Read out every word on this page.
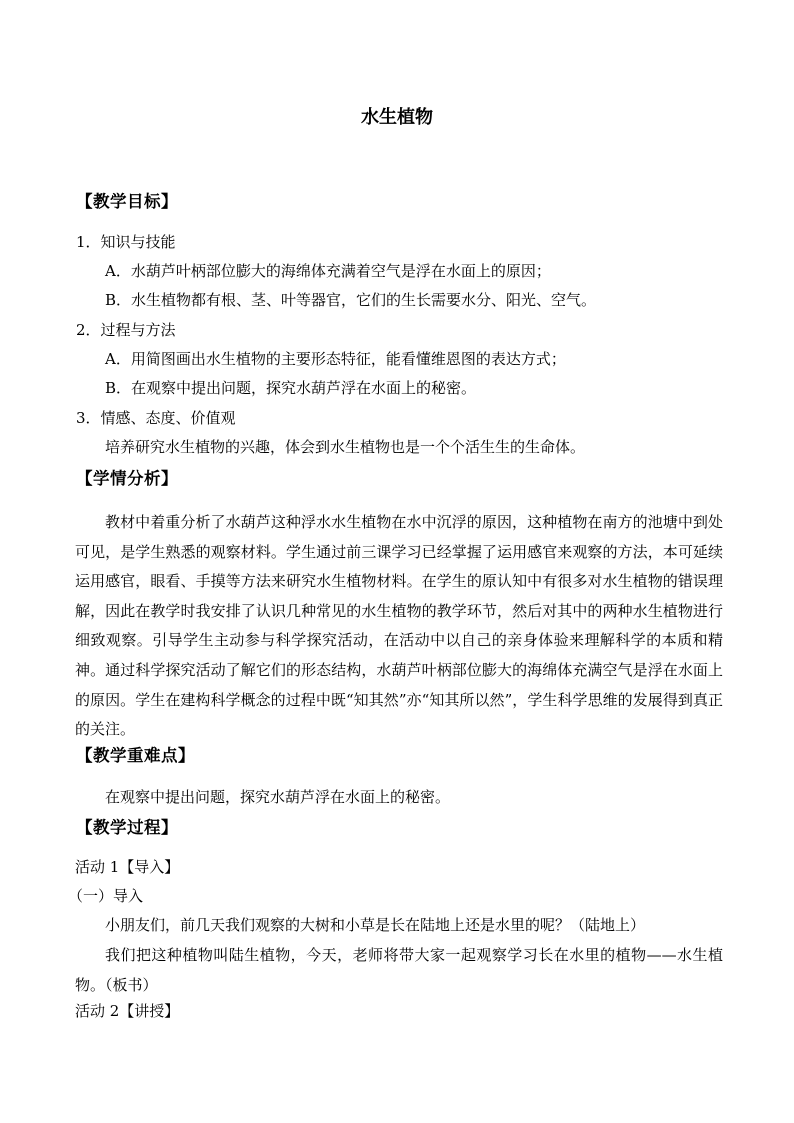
水生植物
【教学目标】
1．知识与技能
A．水葫芦叶柄部位膨大的海绵体充满着空气是浮在水面上的原因；
B．水生植物都有根、茎、叶等器官，它们的生长需要水分、阳光、空气。
2．过程与方法
A．用简图画出水生植物的主要形态特征，能看懂维恩图的表达方式；
B．在观察中提出问题，探究水葫芦浮在水面上的秘密。
3．情感、态度、价值观
培养研究水生植物的兴趣，体会到水生植物也是一个个活生生的生命体。
【学情分析】
教材中着重分析了水葫芦这种浮水水生植物在水中沉浮的原因，这种植物在南方的池塘中到处可见，是学生熟悉的观察材料。学生通过前三课学习已经掌握了运用感官来观察的方法，本可延续运用感官，眼看、手摸等方法来研究水生植物材料。在学生的原认知中有很多对水生植物的错误理解，因此在教学时我安排了认识几种常见的水生植物的教学环节，然后对其中的两种水生植物进行细致观察。引导学生主动参与科学探究活动，在活动中以自己的亲身体验来理解科学的本质和精神。通过科学探究活动了解它们的形态结构，水葫芦叶柄部位膨大的海绵体充满空气是浮在水面上的原因。学生在建构科学概念的过程中既“知其然”亦“知其所以然”，学生科学思维的发展得到真正的关注。
【教学重难点】
在观察中提出问题，探究水葫芦浮在水面上的秘密。
【教学过程】
活动 1【导入】
（一）导入
小朋友们，前几天我们观察的大树和小草是长在陆地上还是水里的呢？（陆地上）
我们把这种植物叫陆生植物，今天，老师将带大家一起观察学习长在水里的植物——水生植物。（板书）
活动 2【讲授】
